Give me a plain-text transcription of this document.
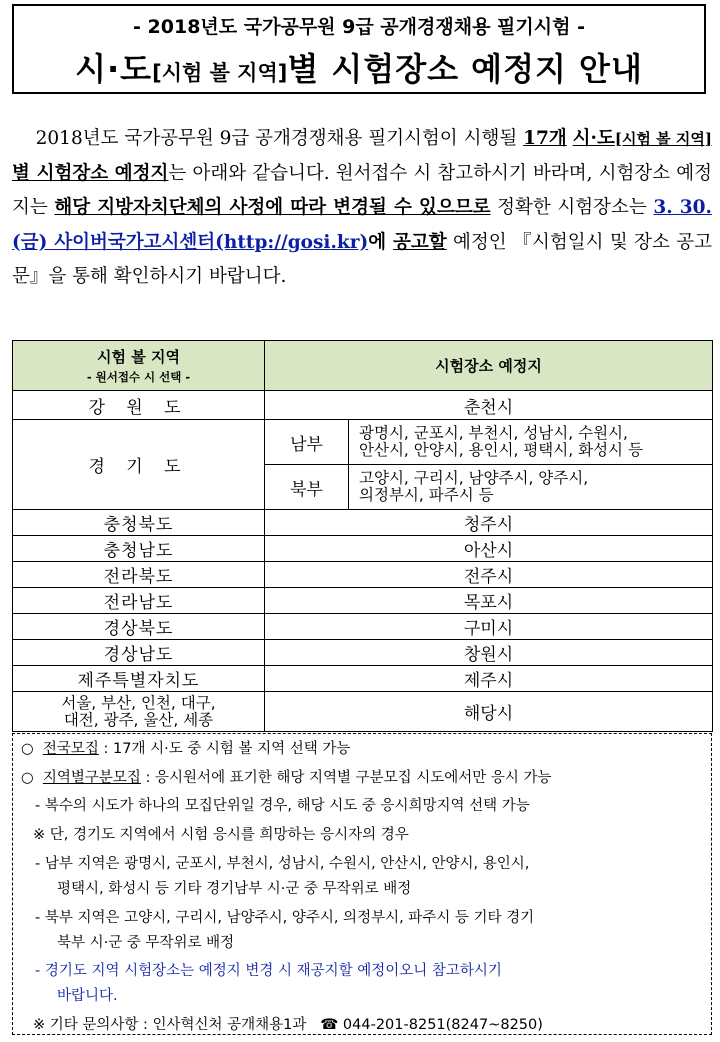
- 2018년도 국가공무원 9급 공개경쟁채용 필기시험 -
시·도[시험 볼 지역]별 시험장소 예정지 안내
2018년도 국가공무원 9급 공개경쟁채용 필기시험이 시행될 17개 시·도[시험 볼 지역]별 시험장소 예정지는 아래와 같습니다. 원서접수 시 참고하시기 바라며, 시험장소 예정지는 해당 지방자치단체의 사정에 따라 변경될 수 있으므로 정확한 시험장소는 3. 30.(금) 사이버국가고시센터(http://gosi.kr)에 공고할 예정인 『시험일시 및 장소 공고문』을 통해 확인하시기 바랍니다.
시험 볼 지역
- 원서접수 시 선택 -	시험장소 예정지	

강 원 도	춘천시	
경 기 도	남부	광명시, 군포시, 부천시, 성남시, 수원시,
안산시, 안양시, 용인시, 평택시, 화성시 등

	북부	고양시, 구리시, 남양주시, 양주시,
의정부시, 파주시 등

충청북도	청주시	
충청남도	아산시	
전라북도	전주시	
전라남도	목포시	
경상북도	구미시	
경상남도	창원시	
제주특별자치도	제주시	

서울, 부산, 인천, 대구,
대전, 광주, 울산, 세종	해당시	
○ 전국모집 : 17개 시·도 중 시험 볼 지역 선택 가능
○ 지역별구분모집 : 응시원서에 표기한 해당 지역별 구분모집 시도에서만 응시 가능
- 복수의 시도가 하나의 모집단위일 경우, 해당 시도 중 응시희망지역 선택 가능
※ 단, 경기도 지역에서 시험 응시를 희망하는 응시자의 경우
- 남부 지역은 광명시, 군포시, 부천시, 성남시, 수원시, 안산시, 안양시, 용인시,
평택시, 화성시 등 기타 경기남부 시·군 중 무작위로 배정
- 북부 지역은 고양시, 구리시, 남양주시, 양주시, 의정부시, 파주시 등 기타 경기
북부 시·군 중 무작위로 배정
- 경기도 지역 시험장소는 예정지 변경 시 재공지할 예정이오니 참고하시기
바랍니다.
※ 기타 문의사항 : 인사혁신처 공개채용1과 ☎ 044-201-8251(8247~8250)
